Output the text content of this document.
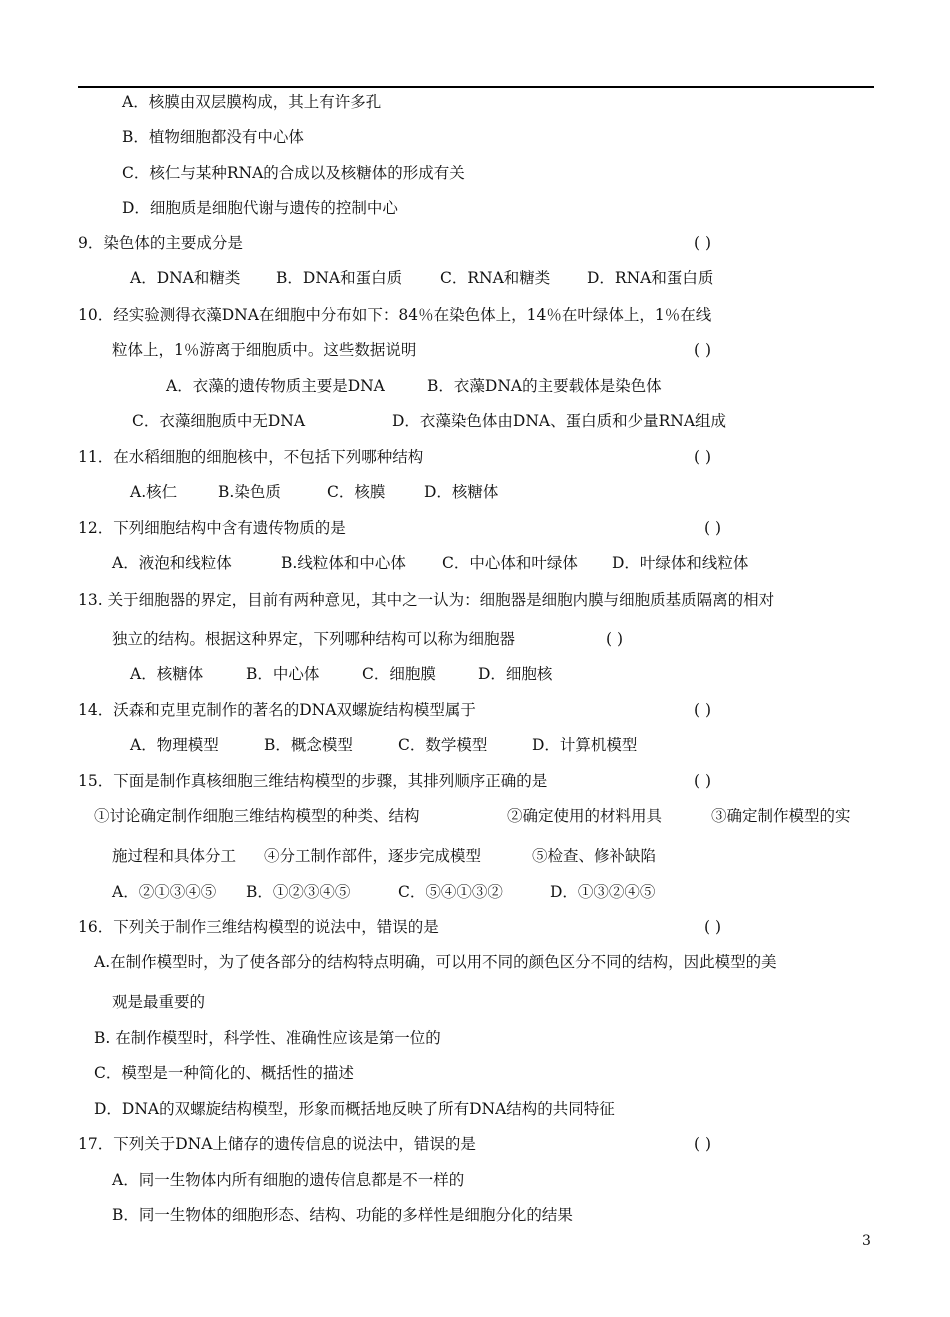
A．核膜由双层膜构成，其上有许多孔
B．植物细胞都没有中心体
C．核仁与某种RNA的合成以及核糖体的形成有关
D．细胞质是细胞代谢与遗传的控制中心
9．染色体的主要成分是	( )
A．DNA和糖类 B．DNA和蛋白质 C．RNA和糖类 D．RNA和蛋白质
10．经实验测得衣藻DNA在细胞中分布如下：84％在染色体上，14％在叶绿体上，1％在线
粒体上，1％游离于细胞质中。这些数据说明	( )
A．衣藻的遗传物质主要是DNA	B．衣藻DNA的主要载体是染色体
C．衣藻细胞质中无DNA	D．衣藻染色体由DNA、蛋白质和少量RNA组成
11．在水稻细胞的细胞核中，不包括下列哪种结构	( )
A.核仁	B.染色质	C．核膜 D．核糖体
12．下列细胞结构中含有遗传物质的是	( )
A．液泡和线粒体	B.线粒体和中心体 C．中心体和叶绿体 D．叶绿体和线粒体
13. 关于细胞器的界定，目前有两种意见，其中之一认为：细胞器是细胞内膜与细胞质基质隔离的相对
独立的结构。根据这种界定，下列哪种结构可以称为细胞器	( )
A．核糖体	B．中心体	C．细胞膜	D．细胞核
14．沃森和克里克制作的著名的DNA双螺旋结构模型属于	( )
A．物理模型	B．概念模型	C．数学模型	D．计算机模型
15．下面是制作真核细胞三维结构模型的步骤，其排列顺序正确的是	( )
①讨论确定制作细胞三维结构模型的种类、结构	②确定使用的材料用具	③确定制作模型的实
施过程和具体分工 ④分工制作部件，逐步完成模型	⑤检查、修补缺陷
A．②①③④⑤ B．①②③④⑤	C．⑤④①③②	D．①③②④⑤
16．下列关于制作三维结构模型的说法中，错误的是	( )
A.在制作模型时，为了使各部分的结构特点明确，可以用不同的颜色区分不同的结构，因此模型的美
观是最重要的
B. 在制作模型时，科学性、准确性应该是第一位的
C．模型是一种简化的、概括性的描述
D．DNA的双螺旋结构模型，形象而概括地反映了所有DNA结构的共同特征
17．下列关于DNA上储存的遗传信息的说法中，错误的是	( )
A．同一生物体内所有细胞的遗传信息都是不一样的
B．同一生物体的细胞形态、结构、功能的多样性是细胞分化的结果
3
